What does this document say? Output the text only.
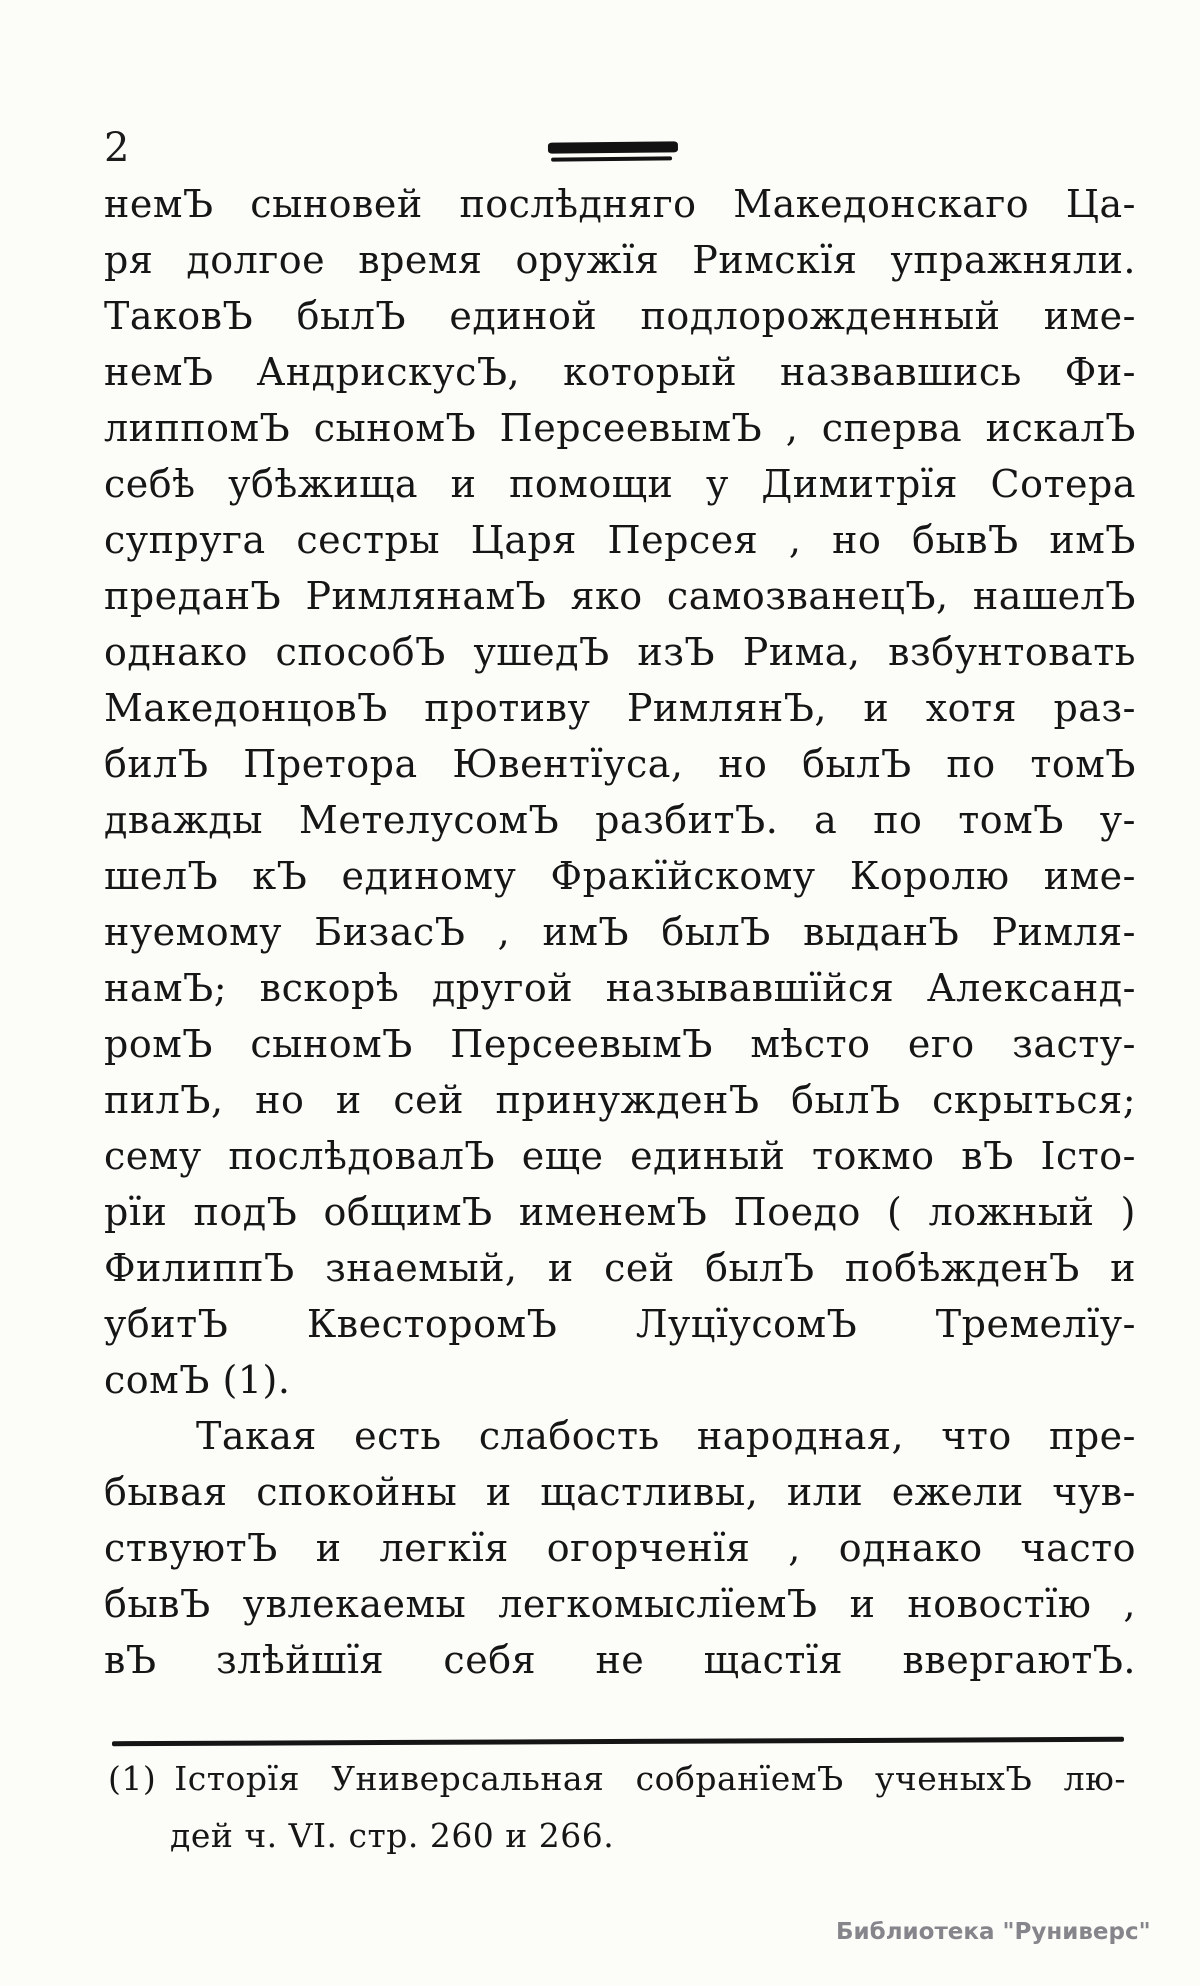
2
немЪ сыновей послѣдняго Македонскаго Ца-
ря долгое время оружїя Римскїя упражняли.
ТаковЪ былЪ единой подлорожденный име-
немЪ АндрискусЪ, который назвавшись Фи-
липпомЪ сыномЪ ПерсеевымЪ , сперва искалЪ
себѣ убѣжища и помощи у Димитрїя Сотера
супруга сестры Царя Персея , но бывЪ имЪ
преданЪ РимлянамЪ яко самозванецЪ, нашелЪ
однако способЪ ушедЪ изЪ Рима, взбунтовать
МакедонцовЪ противу РимлянЪ, и хотя раз-
билЪ Претора Ювентїуса, но былЪ по томЪ
дважды МетелусомЪ разбитЪ. а по томЪ у-
шелЪ кЪ единому Фракїйскому Королю име-
нуемому БизасЪ , имЪ былЪ выданЪ Римля-
намЪ; вскорѣ другой называвшїйся Александ-
ромЪ сыномЪ ПерсеевымЪ мѣсто его засту-
пилЪ, но и сей принужденЪ былЪ скрыться;
сему послѣдовалЪ еще единый токмо вЪ Істо-
рїи подЪ общимЪ именемЪ Поедо ( ложный )
ФилиппЪ знаемый, и сей былЪ побѣжденЪ и
убитЪ КвесторомЪ ЛуцїусомЪ Тремелїу-
сомЪ (1).
Такая есть слабость народная, что пре-
бывая спокойны и щастливы, или ежели чув-
ствуютЪ и легкїя огорченїя , однако часто
бывЪ увлекаемы легкомыслїемЪ и новостїю ,
вЪ злѣйшїя себя не щастїя ввергаютЪ.
(1) Історїя Универсальная собранїемЪ ученыхЪ лю-
дей ч. VI. стр. 260 и 266.
Библиотека "Руниверс"
